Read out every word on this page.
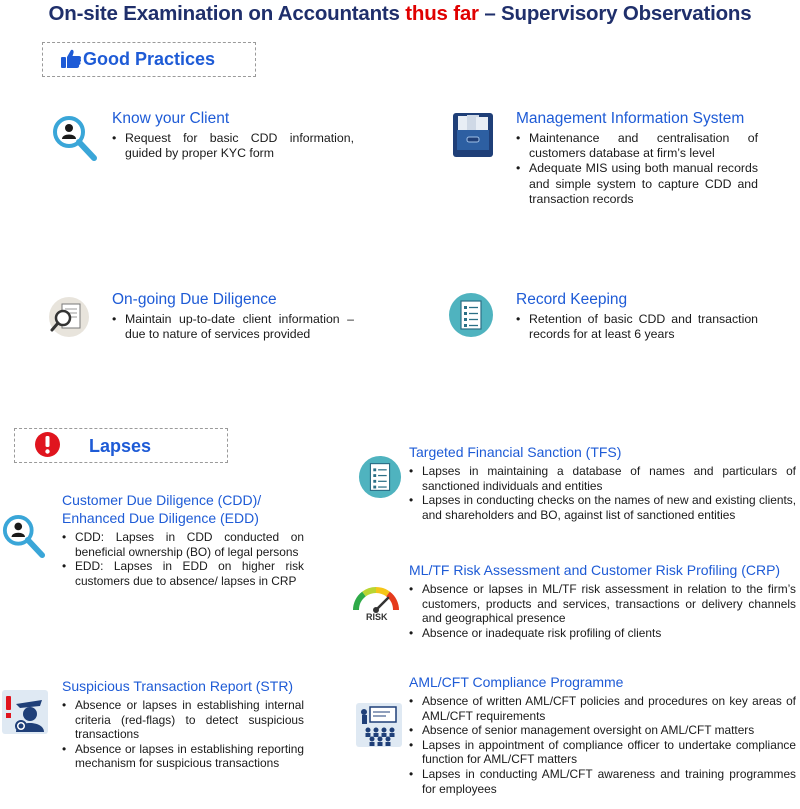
On-site Examination on Accountants thus far – Supervisory Observations
Good Practices
Know your Client
• Request for basic CDD information, guided by proper KYC form
Management Information System
• Maintenance and centralisation of customers database at firm’s level
• Adequate MIS using both manual records and simple system to capture CDD and transaction records
On-going Due Diligence
• Maintain up-to-date client information – due to nature of services provided
Record Keeping
• Retention of basic CDD and transaction records for at least 6 years
Lapses
Customer Due Diligence (CDD)/
Enhanced Due Diligence (EDD)
• CDD: Lapses in CDD conducted on beneficial ownership (BO) of legal persons
• EDD: Lapses in EDD on higher risk customers due to absence/ lapses in CRP
Suspicious Transaction Report (STR)
• Absence or lapses in establishing internal criteria (red-flags) to detect suspicious transactions
• Absence or lapses in establishing reporting mechanism for suspicious transactions
Targeted Financial Sanction (TFS)
• Lapses in maintaining a database of names and particulars of sanctioned individuals and entities
• Lapses in conducting checks on the names of new and existing clients, and shareholders and BO, against list of sanctioned entities
RISK
ML/TF Risk Assessment and Customer Risk Profiling (CRP)
• Absence or lapses in ML/TF risk assessment in relation to the firm’s customers, products and services, transactions or delivery channels and geographical presence
• Absence or inadequate risk profiling of clients
AML/CFT Compliance Programme
• Absence of written AML/CFT policies and procedures on key areas of AML/CFT requirements
• Absence of senior management oversight on AML/CFT matters
• Lapses in appointment of compliance officer to undertake compliance function for AML/CFT matters
• Lapses in conducting AML/CFT awareness and training programmes for employees
